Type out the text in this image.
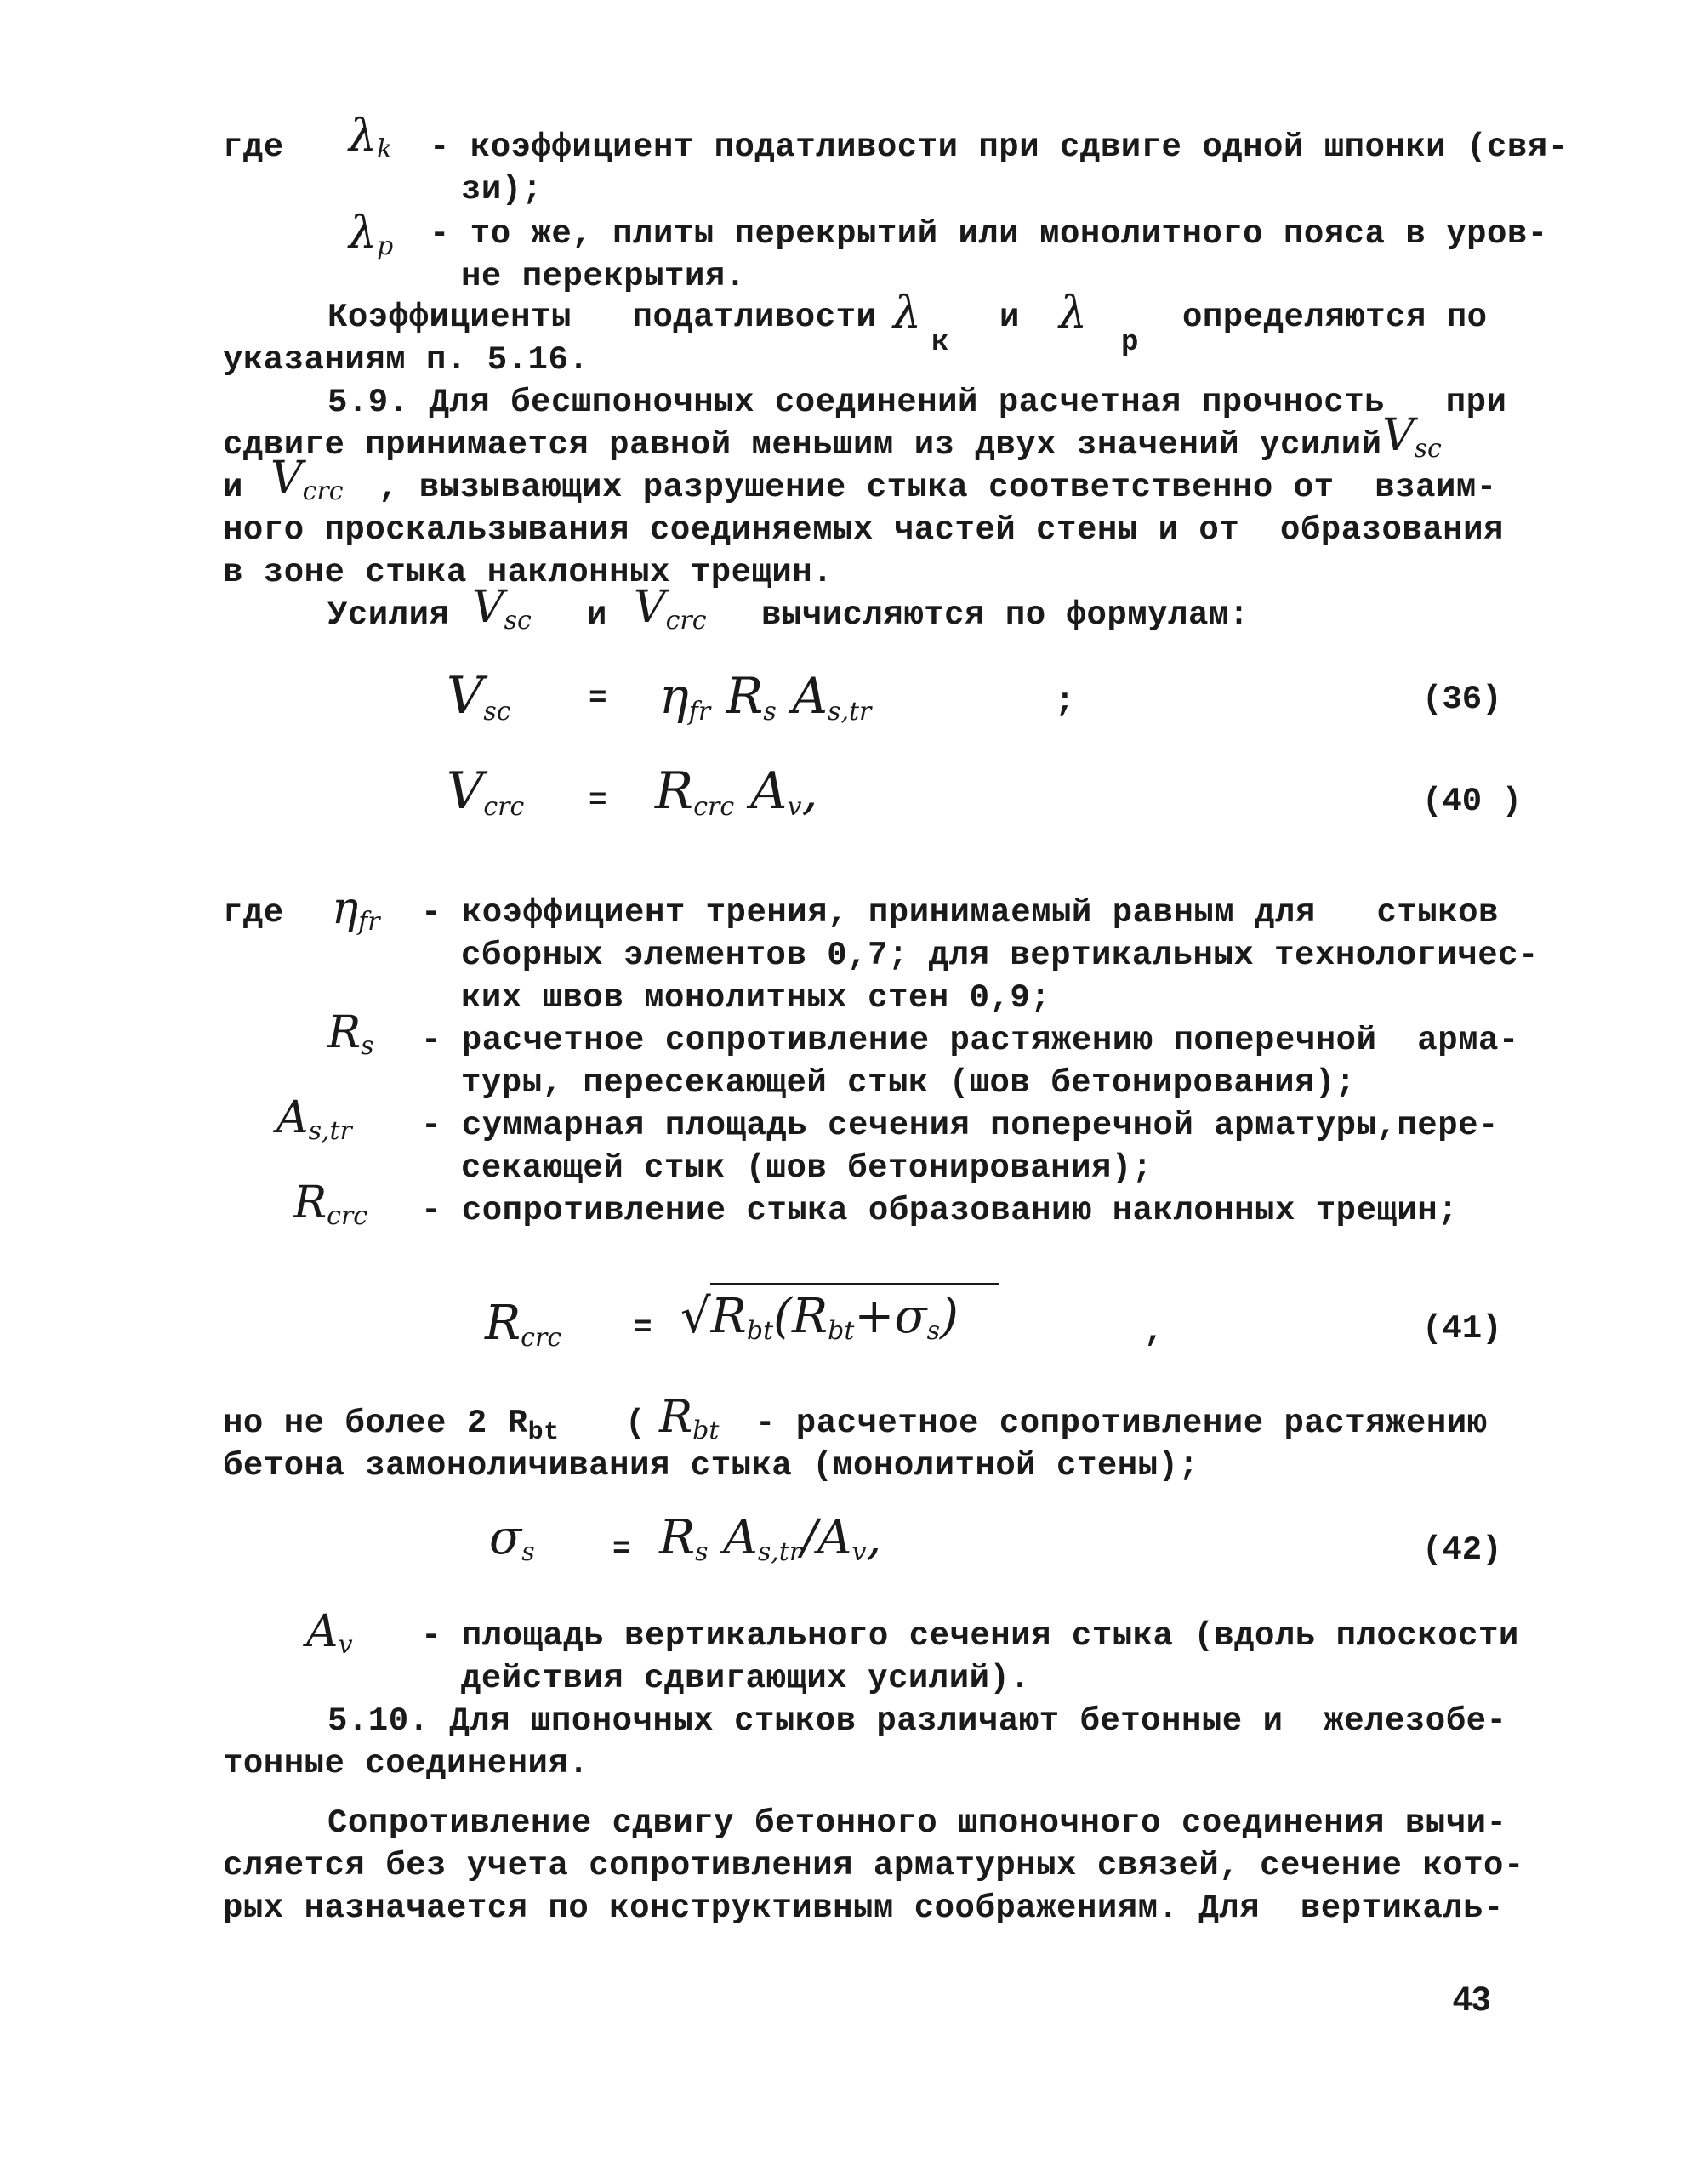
где $\lambda_k$ - коэффициент податливости при сдвиге одной шпонки (свя-
зи);
$\lambda_p$ - то же, плиты перекрытий или монолитного пояса в уров-
не перекрытия.
Коэффициенты   податливости λ
к
и λ
р
определяются по
указаниям п. 5.16.
5.9. Для бесшпоночных соединений расчетная прочность   при
сдвиге принимается равной меньшим из двух значений усилий $V_{sc}$
и $V_{crc}$ , вызывающих разрушение стыка соответственно от  взаим-
ного проскальзывания соединяемых частей стены и от  образования
в зоне стыка наклонных трещин.
Усилия $V_{sc}$ и $V_{crc}$ вычисляются по формулам:
$V_{sc}$	= $\eta_{fr}$ $R_s$ $A_{s,tr}$	;	(36)
$V_{crc} = R_{crc}$ $A_v$,	(40 )
где $\eta_{fr}$ - коэффициент трения, принимаемый равным для   стыков
сборных элементов 0,7; для вертикальных технологичес-
ких швов монолитных стен 0,9;
$R_s$ - расчетное сопротивление растяжению поперечной  арма-
туры, пересекающей стык (шов бетонирования);
$A_{s,tr}$ - суммарная площадь сечения поперечной арматуры,пере-
секающей стык (шов бетонирования);
$R_{crc}$ - сопротивление стыка образованию наклонных трещин;
$R_{crc} = √R_{bt}(R_{bt}+\sigma_s)$	,	(41)
но не более 2 $R_{bt}$ ( $R_{bt}$ - расчетное сопротивление растяжению
бетона замоноличивания стыка (монолитной стены);
$\sigma_s$	= $R_s$ $A_{s,tr}/A_v$,	(42)
$A_v$ - площадь вертикального сечения стыка (вдоль плоскости
действия сдвигающих усилий).
5.10. Для шпоночных стыков различают бетонные и  железобе-
тонные соединения.
Сопротивление сдвигу бетонного шпоночного соединения вычи-
сляется без учета сопротивления арматурных связей, сечение кото-
рых назначается по конструктивным соображениям. Для  вертикаль-
43
